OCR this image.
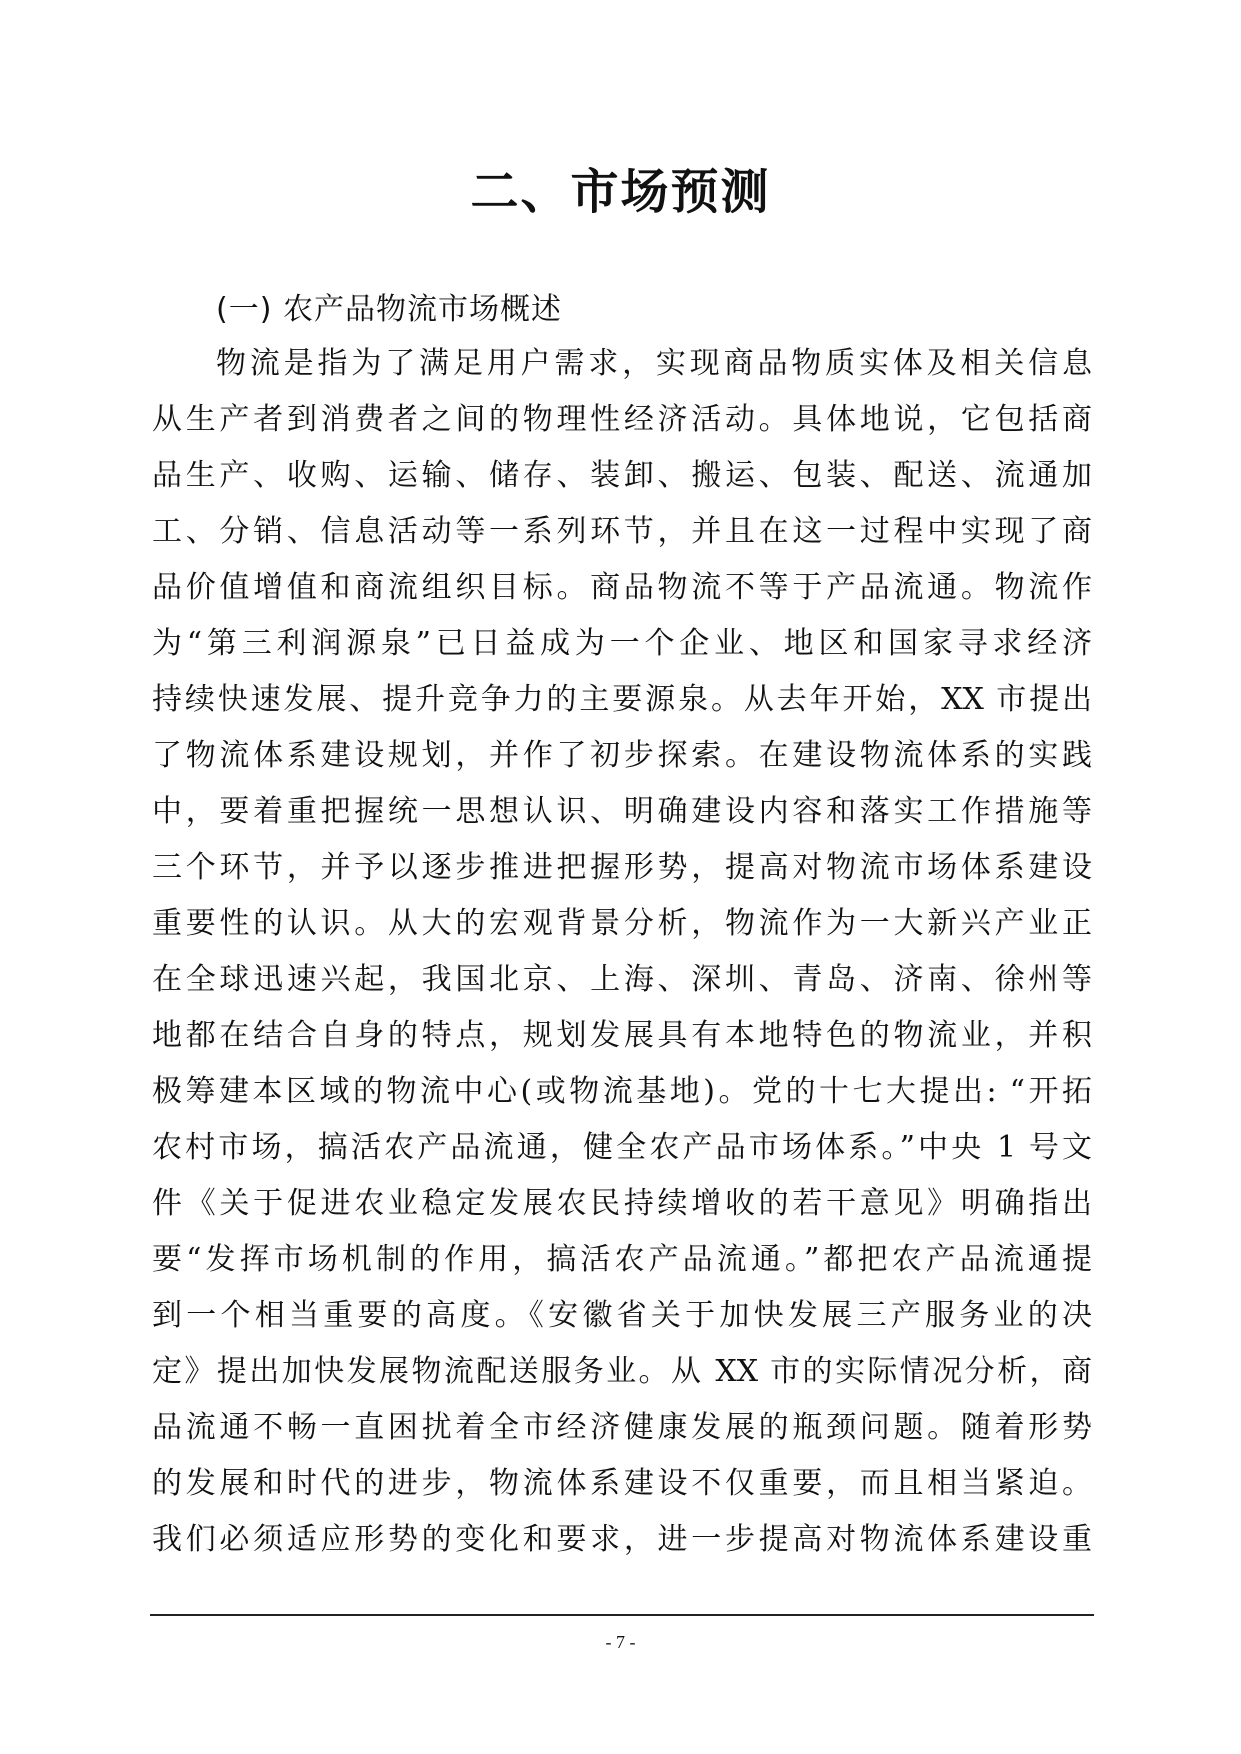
二、市场预测
(一) 农产品物流市场概述
物流是指为了满足用户需求，实现商品物质实体及相关信息
从生产者到消费者之间的物理性经济活动。具体地说，它包括商
品生产、收购、运输、储存、装卸、搬运、包装、配送、流通加
工、分销、信息活动等一系列环节，并且在这一过程中实现了商
品价值增值和商流组织目标。商品物流不等于产品流通。物流作
为“第三利润源泉”已日益成为一个企业、地区和国家寻求经济
持续快速发展、提升竞争力的主要源泉。从去年开始，XX 市提出
了物流体系建设规划，并作了初步探索。在建设物流体系的实践
中，要着重把握统一思想认识、明确建设内容和落实工作措施等
三个环节，并予以逐步推进把握形势，提高对物流市场体系建设
重要性的认识。从大的宏观背景分析，物流作为一大新兴产业正
在全球迅速兴起，我国北京、上海、深圳、青岛、济南、徐州等
地都在结合自身的特点，规划发展具有本地特色的物流业，并积
极筹建本区域的物流中心(或物流基地)。党的十七大提出: “开拓
农村市场，搞活农产品流通，健全农产品市场体系。”中央 1 号文
件《关于促进农业稳定发展农民持续增收的若干意见》明确指出
要“发挥市场机制的作用，搞活农产品流通。”都把农产品流通提
到一个相当重要的高度。《安徽省关于加快发展三产服务业的决
定》提出加快发展物流配送服务业。从 XX 市的实际情况分析，商
品流通不畅一直困扰着全市经济健康发展的瓶颈问题。随着形势
的发展和时代的进步，物流体系建设不仅重要，而且相当紧迫。
我们必须适应形势的变化和要求，进一步提高对物流体系建设重
- 7 -
